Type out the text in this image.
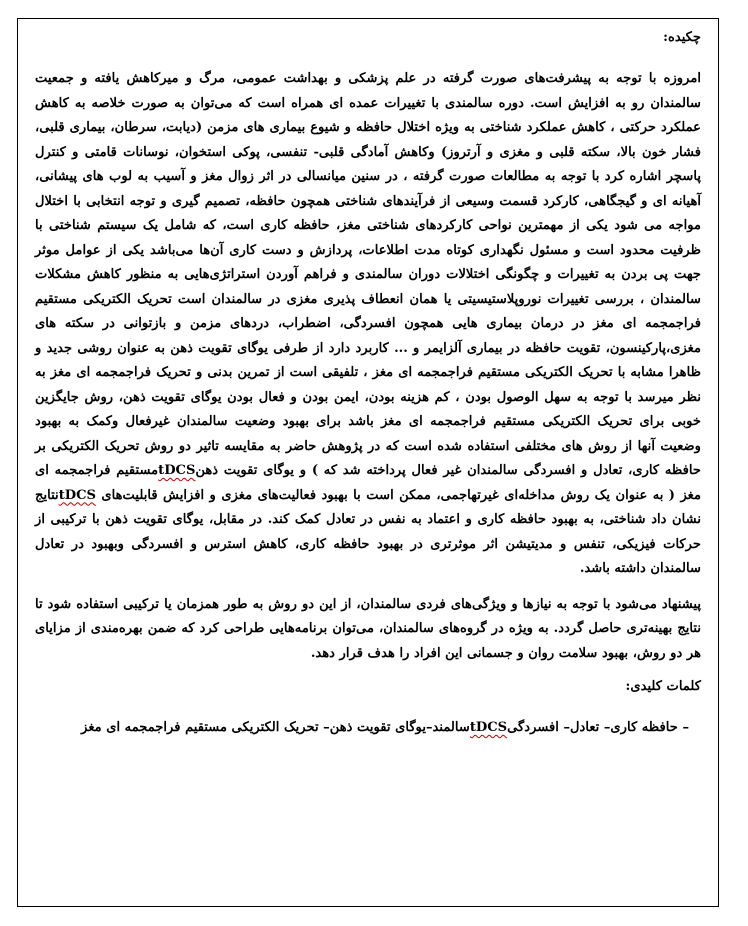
چکیده:

امروزه با توجه به پیشرفت‌های صورت گرفته در علم پزشکی و بهداشت عمومی، مرگ و میرکاهش یافته و جمعیت سالمندان رو به افزایش است. دوره سالمندی با تغییرات عمده ای همراه است که می‌توان به صورت خلاصه به کاهش عملکرد حرکتی ، کاهش عملکرد شناختی به ویژه اختلال حافظه و شیوع بیماری های مزمن (دیابت، سرطان، بیماری قلبی، فشار خون بالا، سکته قلبی و مغزی و آرتروز) وکاهش آمادگی قلبی- تنفسی، پوکی استخوان، نوسانات قامتی و کنترل پاسچر اشاره کرد با توجه به مطالعات صورت گرفته ، در سنین میانسالی در اثر زوال مغز و آسیب به لوب های پیشانی، آهیانه ای و گیجگاهی، کارکرد قسمت وسیعی از فرآیندهای شناختی همچون حافظه، تصمیم گیری و توجه انتخابی با اختلال مواجه می شود یکی از مهمترین نواحی کارکردهای شناختی مغز، حافظه کاری است، که شامل یک سیستم شناختی با ظرفیت محدود است و مسئول نگهداری کوتاه مدت اطلاعات، پردازش و دست کاری آن‌ها می‌باشد یکی از عوامل موثر جهت پی بردن به تغییرات و چگونگی اختلالات دوران سالمندی و فراهم آوردن استراتژی‌هایی به منظور کاهش مشکلات سالمندان ، بررسی تغییرات نوروپلاستیسیتی یا همان انعطاف پذیری مغزی در سالمندان است تحریک الکتریکی مستقیم فراجمجمه ای مغز در درمان بیماری هایی همچون افسردگی، اضطراب، دردهای مزمن و بازتوانی در سکته های مغزی،پارکینسون، تقویت حافظه در بیماری آلزایمر و ... کاربرد دارد از طرفی یوگای تقویت ذهن به عنوان روشی جدید و ظاهرا مشابه با تحریک الکتریکی مستقیم فراجمجمه ای مغز ، تلفیقی است از تمرین بدنی و تحریک فراجمجمه ای مغز به نظر میرسد با توجه به سهل الوصول بودن ، کم هزینه بودن، ایمن بودن و فعال بودن یوگای تقویت ذهن، روش جایگزین خوبی برای تحریک الکتریکی مستقیم فراجمجمه ای مغز باشد برای بهبود وضعیت سالمندان غیرفعال وکمک به بهبود وضعیت آنها از روش های مختلفی استفاده شده است که در پژوهش حاضر به مقایسه تاثیر دو روش تحریک الکتریکی بر حافظه کاری، تعادل و افسردگی سالمندان غیر فعال پرداخته شد که ) و یوگای تقویت ذهنtDCSمستقیم فراجمجمه ای مغز ( به عنوان یک روش مداخله‌ای غیرتهاجمی، ممکن است با بهبود فعالیت‌های مغزی و افزایش قابلیت‌های tDCSنتایج نشان داد شناختی، به بهبود حافظه کاری و اعتماد به نفس در تعادل کمک کند. در مقابل، یوگای تقویت ذهن با ترکیبی از حرکات فیزیکی، تنفس و مدیتیشن اثر موثرتری در بهبود حافظه کاری، کاهش استرس و افسردگی وبهبود در تعادل سالمندان داشته باشد.

پیشنهاد می‌شود با توجه به نیازها و ویژگی‌های فردی سالمندان، از این دو روش به طور همزمان یا ترکیبی استفاده شود تا نتایج بهینه‌تری حاصل گردد. به ویژه در گروه‌های سالمندان، می‌توان برنامه‌هایی طراحی کرد که ضمن بهره‌مندی از مزایای هر دو روش، بهبود سلامت روان و جسمانی این افراد را هدف قرار دهد.

کلمات کلیدی:

– حافظه کاری– تعادل– افسردگیtDCSسالمند–یوگای تقویت ذهن– تحریک الکتریکی مستقیم فراجمجمه ای مغز
